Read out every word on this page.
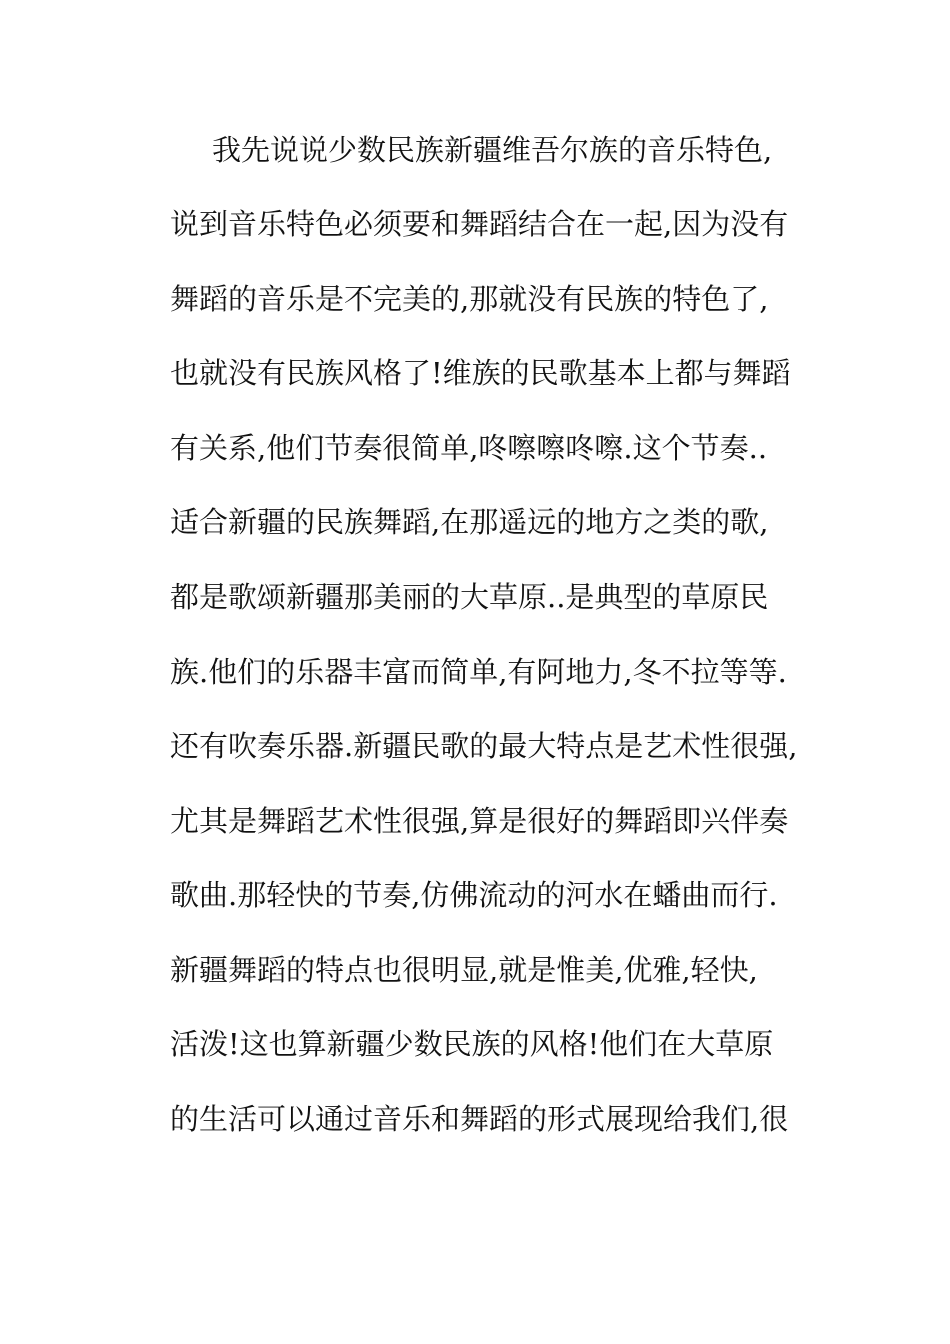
我先说说少数民族新疆维吾尔族的音乐特色,
说到音乐特色必须要和舞蹈结合在一起,因为没有
舞蹈的音乐是不完美的,那就没有民族的特色了,
也就没有民族风格了!维族的民歌基本上都与舞蹈
有关系,他们节奏很简单,咚嚓嚓咚嚓.这个节奏..
适合新疆的民族舞蹈,在那遥远的地方之类的歌,
都是歌颂新疆那美丽的大草原..是典型的草原民
族.他们的乐器丰富而简单,有阿地力,冬不拉等等.
还有吹奏乐器.新疆民歌的最大特点是艺术性很强,
尤其是舞蹈艺术性很强,算是很好的舞蹈即兴伴奏
歌曲.那轻快的节奏,仿佛流动的河水在蟠曲而行.
新疆舞蹈的特点也很明显,就是惟美,优雅,轻快,
活泼!这也算新疆少数民族的风格!他们在大草原
的生活可以通过音乐和舞蹈的形式展现给我们,很
